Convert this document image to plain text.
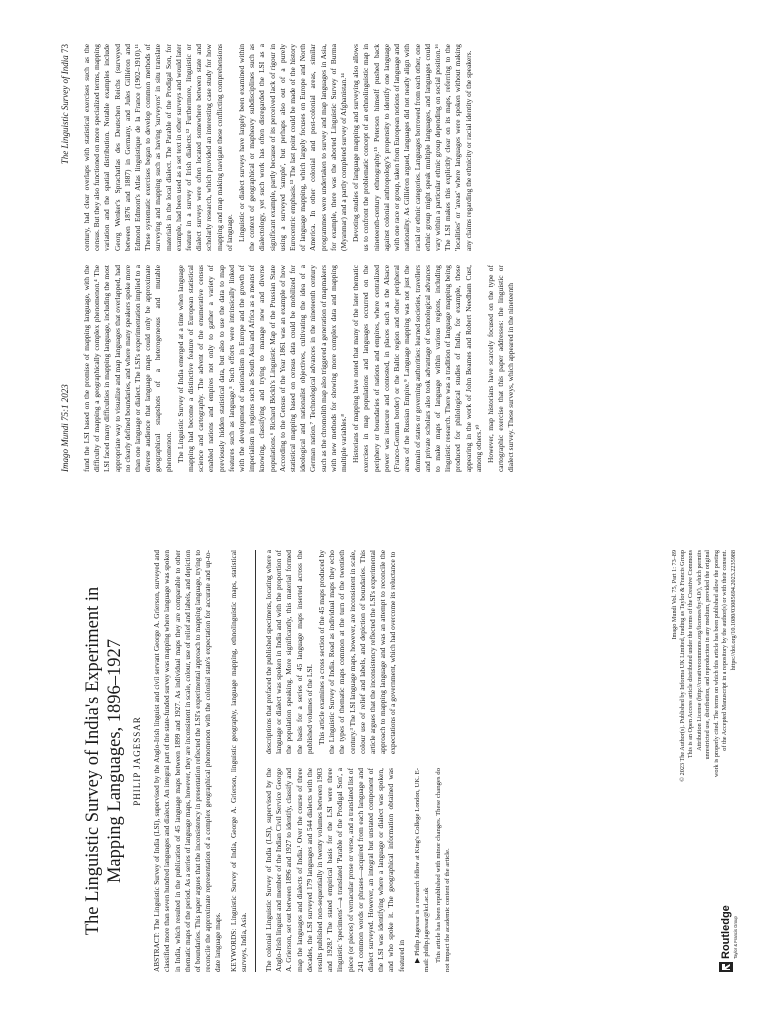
The Linguistic Survey of India's Experiment in Mapping Languages, 1896–1927 PHILIP JAGESSAR ABSTRACT: The Linguistic Survey of India (LSI), supervised by the Anglo-Irish linguist and civil servant George A. Grierson, surveyed and classified more than seven hundred languages and dialects. An integral part of the state-funded survey was mapping where language was spoken in India, which resulted in the publication of 45 language maps between 1899 and 1927. As individual maps they are comparable to other thematic maps of the period. As a series of language maps, however, they are inconsistent in scale, colour, use of relief and labels, and depiction of boundaries. This paper argues that the inconsistency in presentation reflected the LSI's experimental approach to mapping language, trying to reconcile the approximate representation of a complex geographical phenomenon with the colonial state's expectation for accurate and up-to-date language maps. KEYWORDS: Linguistic Survey of India, George A. Grierson, linguistic geography, language mapping, ethnolinguistic maps, statistical surveys, India, Asia. The colonial Linguistic Survey of India (LSI), supervised by the Anglo-Irish linguist and member of the Indian Civil Service George A. Grierson, set out between 1896 and 1927 to identify, classify and map the languages and dialects of India.¹ Over the course of three decades, the LSI surveyed 179 languages and 544 dialects with the results published non-sequentially in twenty volumes between 1903 and 1928.² The stated empirical basis for the LSI were three linguistic 'specimens'—a translated 'Parable of the Prodigal Son', a piece (or pieces) of vernacular prose or verse, and a translated list of 241 common words or phrases—acquired from each language and dialect surveyed. However, an integral but unstated component of the LSI was identifying where a language or dialect was spoken, and who spoke it. The geographical information obtained was featured in ▶ Philip Jagessar is a research fellow at King's College London, UK. E-mail: philip.jagessar@kcl.ac.uk This article has been republished with minor changes. These changes do not impact the academic content of the article.

descriptions that prefaced the published specimens, locating where a language or dialect was spoken in India and with the proportion of the population speaking. More significantly, this material formed the basis for a series of 45 language maps inserted across the published volumes of the LSI. This article examines a cross section of the 45 maps produced by the Linguistic Survey of India. Read as individual maps they echo the types of thematic maps common at the turn of the twentieth century.³ The LSI language maps, however, are inconsistent in scale, colour use of relief and labels, and depiction of boundaries. This article argues that the inconsistency reflected the LSI's experimental approach to mapping language and was an attempt to reconcile the expectations of a government, which had overcome its reluctance to

Routledge Taylor & Francis Group

Imago Mundi Vol. 75, Part 1: 73–89 © 2023 The Author(s). Published by Informa UK Limited, trading as Taylor & Francis Group This is an Open Access article distributed under the terms of the Creative Commons Attribution License (http://creativecommons.org/licenses/by/4.0/), which permits unrestricted use, distribution, and reproduction in any medium, provided the original work is properly cited. The terms on which this article has been published allow the posting of the Accepted Manuscript in a repository by the author(s) or with their consent. https://doi.org/10.1080/03085694.2023.2235988

Imago Mundi 75:1 2023
The Linguistic Survey of India 73

fund the LSI based on the promise of mapping language, with the difficulty of mapping a geographically complex phenomenon.⁴ The LSI faced many difficulties in mapping language, including the most appropriate way to visualize and map languages that overlapped, had no clearly defined boundaries, and where many speakers spoke more than one language or dialect. The LSI's experimentation implied to a diverse audience that language maps could only be approximate geographical snapshots of a heterogeneous and mutable phenomenon. The Linguistic Survey of India emerged at a time when language mapping had become a distinctive feature of European statistical science and cartography. The advent of the enumerative census enabled nations and empires not only to gather a variety of previously hidden statistical data, but also to use the data to map features such as language.⁵ Such efforts were intrinsically linked with the development of nationalism in Europe and the growth of imperialism in regions such as South Asia and Africa as a means of knowing, classifying and trying to manage new and diverse populations.⁶ Richard Böckh's Linguistic Map of the Prussian State According to the Census of the Year 1861 was an example of how statistical mapping based on census data could be mobilized for ideological and nationalist objectives, cultivating the idea of a German nation.⁷ Technological advances in the nineteenth century such as the chromolith map also triggered a generation of mapmakers with new methods for showing more complex data and mapping multiple variables.⁸ Historians of mapping have noted that many of the later thematic exercises in map populations and languages occurred on the periphery or boundaries of nations and empires, where centralized power was insecure and contested, in places such as the Alsace (Franco-German border) or the Baltic region and other peripheral areas of the Russian Empire.⁹ Language mapping was not just the domain of states or governing authorities: learned societies, travellers and private scholars also took advantage of technological advances to make maps of language within various regions, including linguistic research. There was a tradition of language mapping being produced for philological studies of India, for example, those appearing in the work of John Beames and Robert Needham Cust, among others.¹⁰ However, map historians have scarcely focused on the type of cartographic exercise that this paper addresses: the linguistic or dialect survey. These surveys, which appeared in the nineteenth

century, had clear overlaps with statistical exercises such as the census. But they also functioned on more specialized terms, mapping variation and the spatial distribution. Notable examples include Georg Wenker's Sprachatlas des Deutschen Reichs (surveyed between 1876 and 1887) in Germany, and Jules Gilliéron and Edmond Edmont's Atlas linguistique de la France (1902–1910).¹¹ These systematic exercises began to develop common methods of surveying and mapping such as having 'surveyors' in situ translate materials in the local dialect. The Parable of the Prodigal Son, for example, had been used as a set text in other surveys and would later feature in a survey of Irish dialects.¹² Furthermore, linguistic or dialect surveys were often located somewhere between state and scholarly research, which provided an interesting case study for how mapping and map making navigate these conflicting comprehensions of language. Linguistic or dialect surveys have largely been examined within the context of geographical or mapheavy subdisciplines such as dialectology, yet such work has often disregarded the LSI as a significant example, partly because of its perceived lack of rigour in using a surveyed 'sample', but perhaps also out of a purely Eurocentric emphasis.¹³ The last point could be made of the history of language mapping, which largely focuses on Europe and North America. In other colonial and post-colonial areas, similar programmes were undertaken to survey and map languages in Asia, for example, there was the aborted Linguistic Survey of Burma (Myanmar) and a partly completed survey of Afghanistan.¹⁴ Devoting studies of language mapping and surveying also allows us to confront the problematic concept of an ethnolinguistic map in nineteenth-century ethnography.¹⁵ Peterson himself pushed back against colonial anthropology's propensity to identify one language with one race or group, taken from European notions of language and nationality. As Gilliéron argued, languages did not neatly align with racial or ethnic categories. Languages borrowed from each other, one ethnic group might speak multiple languages, and languages could vary within a particular ethnic group depending on social position.¹⁶ The LSI makes this explicitly clear on its maps, referring to the 'localities' or 'areas' where languages were spoken without making any claims regarding the ethnicity or racial identity of the speakers.
